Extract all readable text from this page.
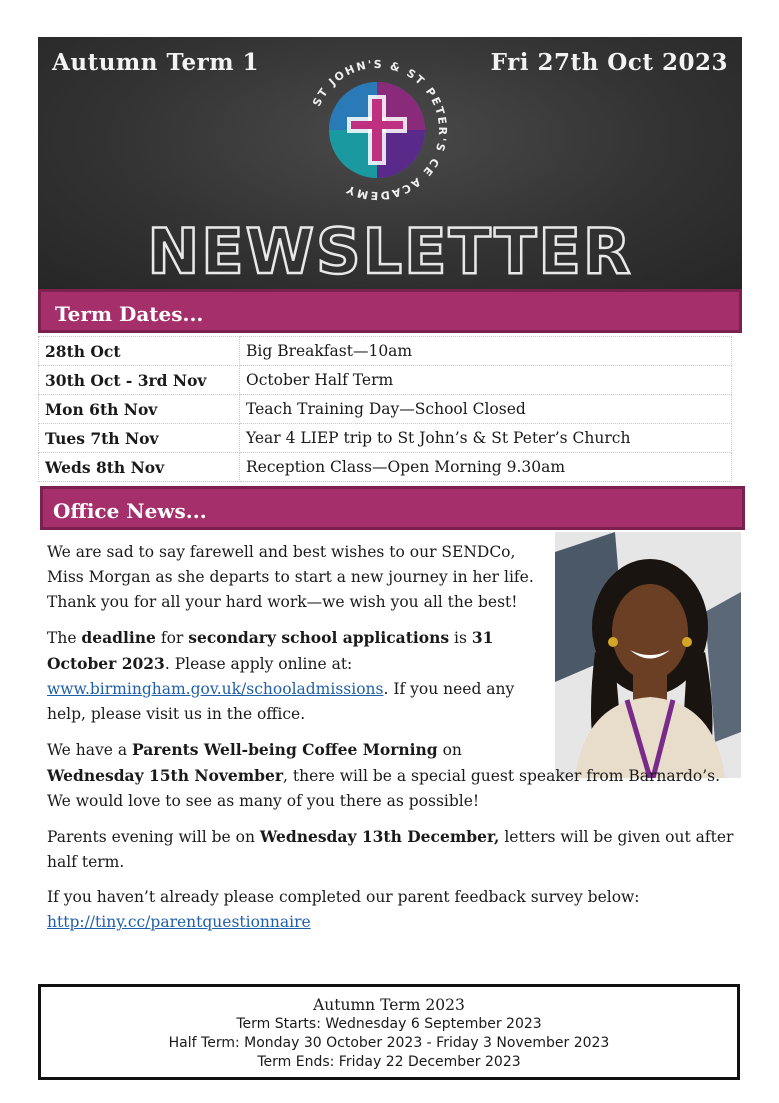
Autumn Term 1	Fri 27th Oct 2023
ST JOHN'S & ST PETER'S CE ACADEMY
NEWSLETTER
Term Dates...
28th Oct	Big Breakfast—10am
30th Oct - 3rd Nov	October Half Term
Mon 6th Nov	Teach Training Day—School Closed
Tues 7th Nov	Year 4 LIEP trip to St John’s & St Peter’s Church
Weds 8th Nov	Reception Class—Open Morning 9.30am
Office News...

We are sad to say farewell and best wishes to our SENDCo, Miss Morgan as she departs to start a new journey in her life. Thank you for all your hard work—we wish you all the best!

The deadline for secondary school applications is 31 October 2023. Please apply online at: www.birmingham.gov.uk/schooladmissions. If you need any help, please visit us in the office.

We have a Parents Well-being Coffee Morning on
Wednesday 15th November, there will be a special guest speaker from Barnardo’s. We would love to see as many of you there as possible!

Parents evening will be on Wednesday 13th December, letters will be given out after half term.

If you haven’t already please completed our parent feedback survey below:
http://tiny.cc/parentquestionnaire

Autumn Term 2023
Term Starts: Wednesday 6 September 2023
Half Term: Monday 30 October 2023 - Friday 3 November 2023
Term Ends: Friday 22 December 2023
